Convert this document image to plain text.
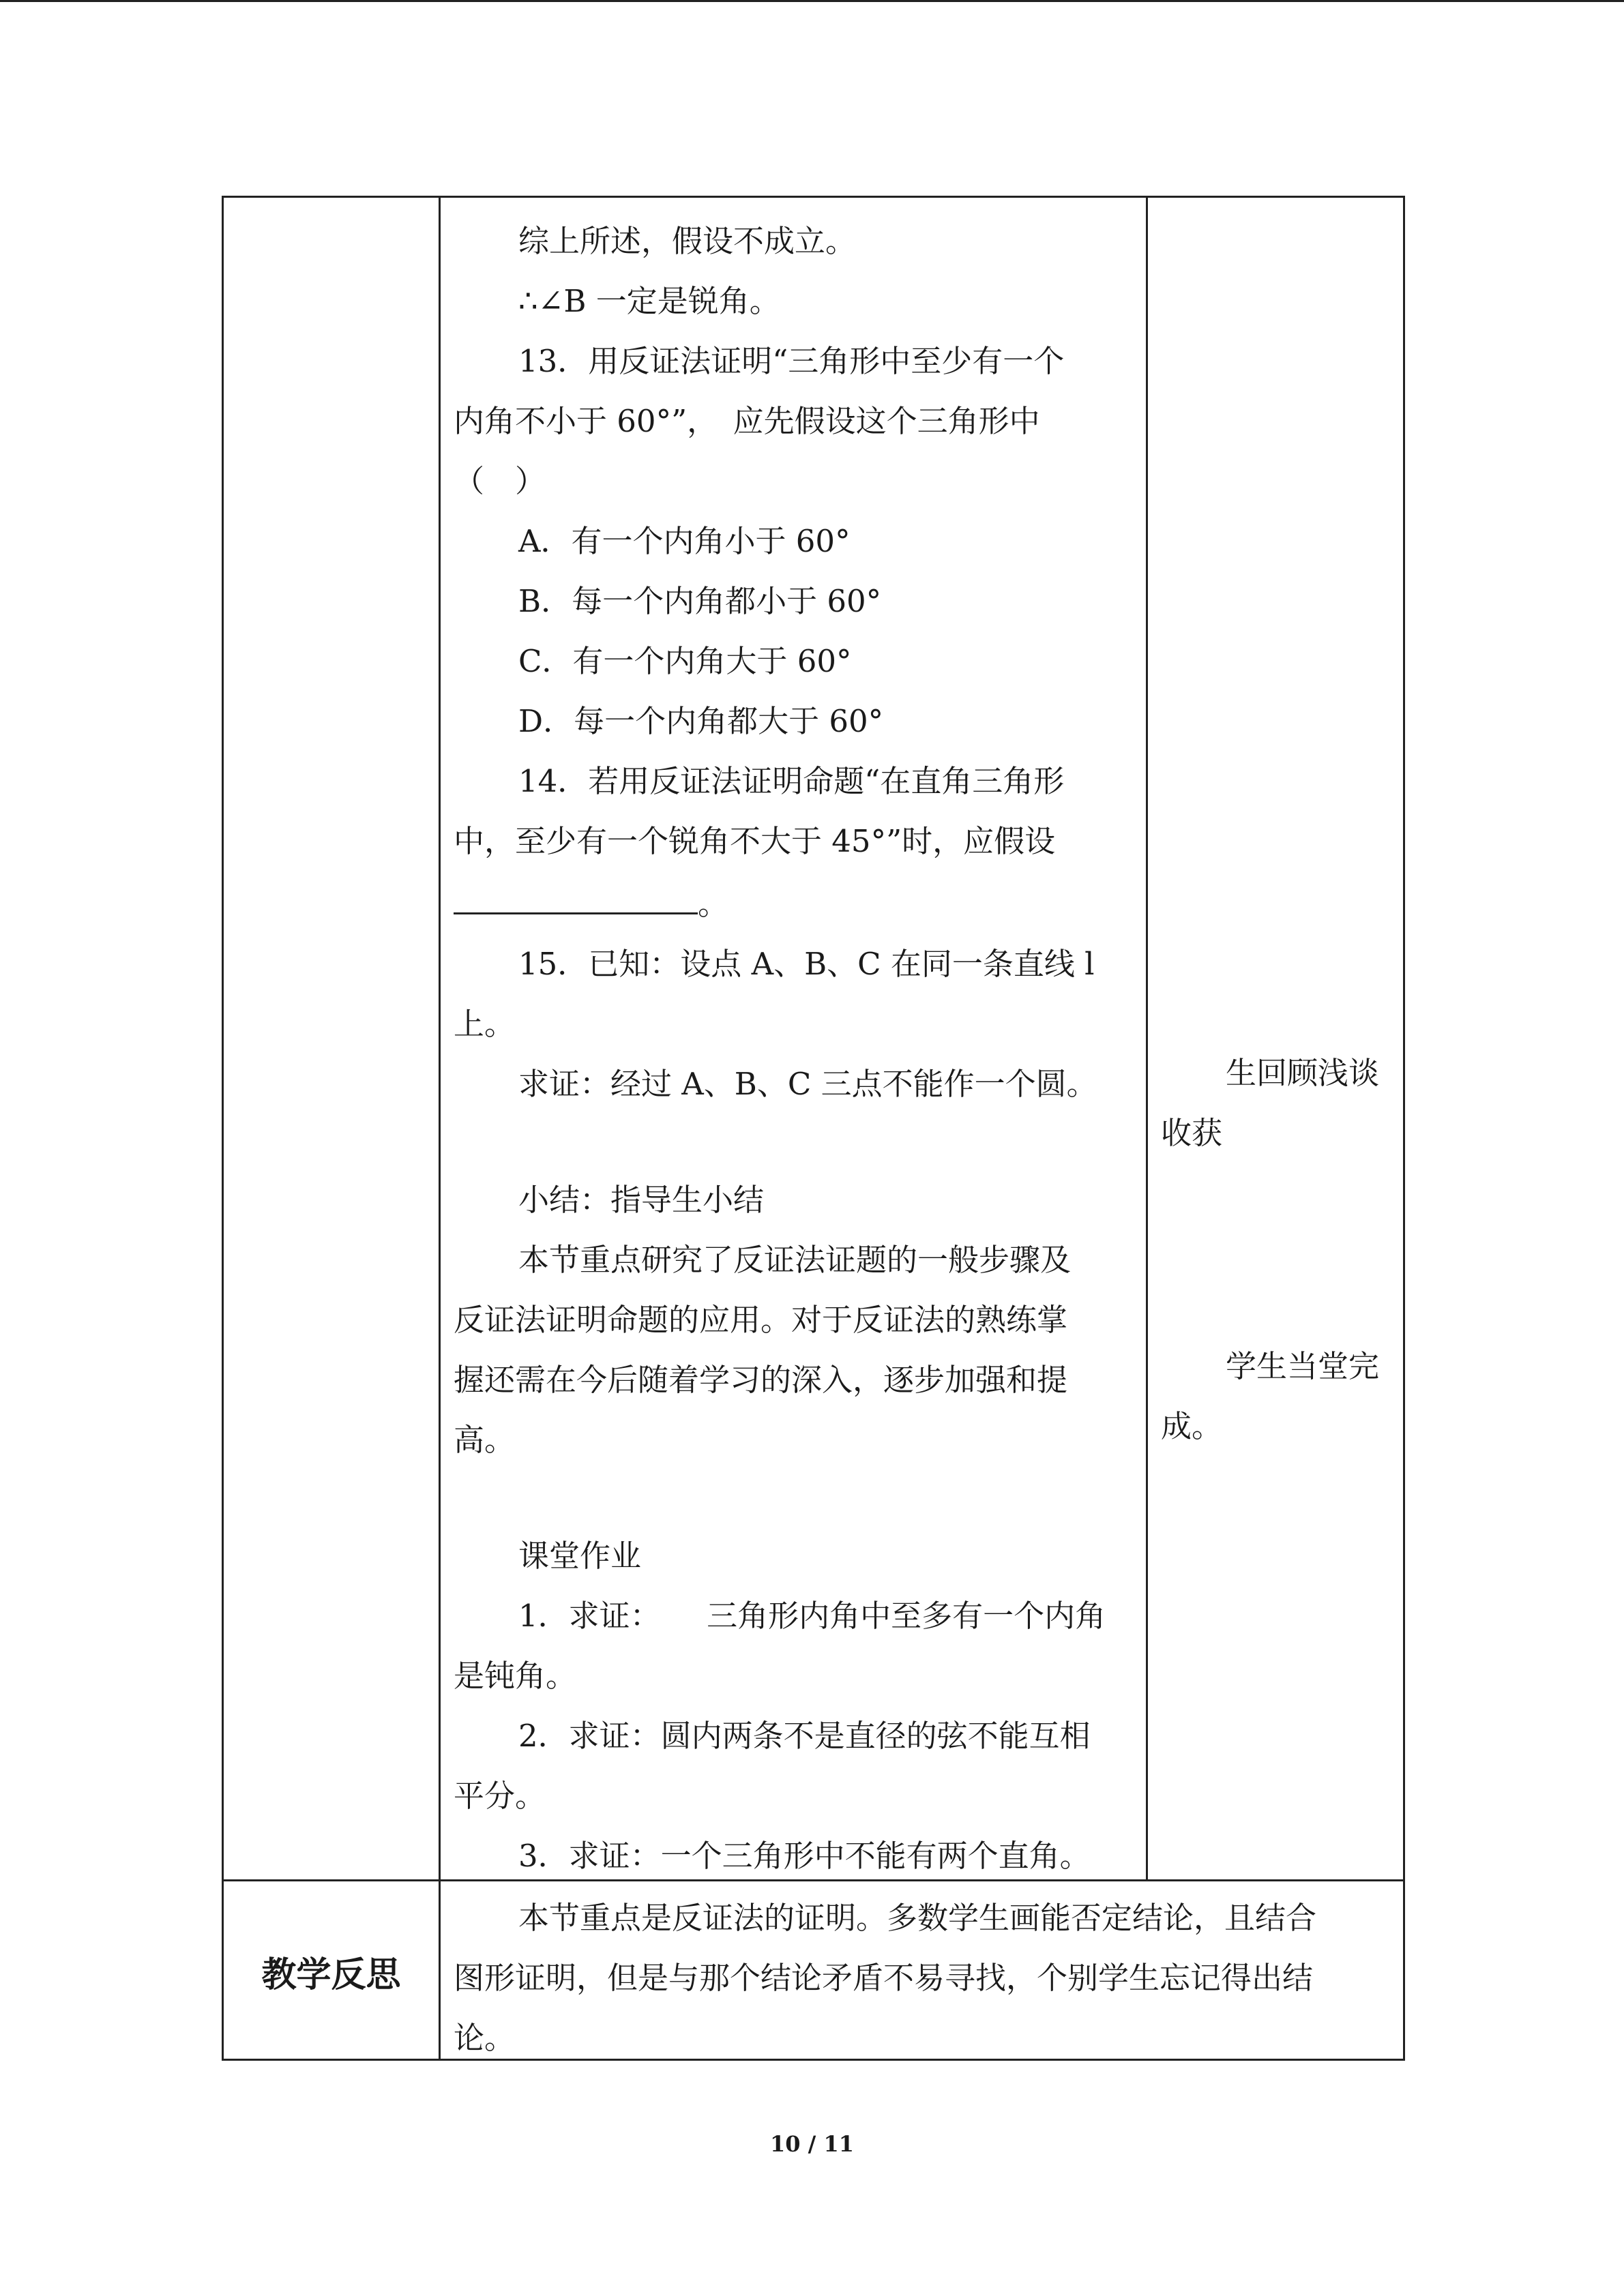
综上所述，假设不成立。

∴∠B 一定是锐角。

13．用反证法证明“三角形中至少有一个

内角不小于 60°”，　应先假设这个三角形中

（　）

A．有一个内角小于 60°

B．每一个内角都小于 60°

C．有一个内角大于 60°

D．每一个内角都大于 60°

14．若用反证法证明命题“在直角三角形

中，至少有一个锐角不大于 45°”时，应假设

。

15．已知：设点 A、B、C 在同一条直线 l

上。

求证：经过 A、B、C 三点不能作一个圆。

小结：指导生小结

本节重点研究了反证法证题的一般步骤及

反证法证明命题的应用。对于反证法的熟练掌

握还需在今后随着学习的深入，逐步加强和提

高。

课堂作业

1．求证：　　三角形内角中至多有一个内角

是钝角。

2．求证：圆内两条不是直径的弦不能互相

平分。

3．求证：一个三角形中不能有两个直角。

生回顾浅谈

收获

学生当堂完

成。

教学反思

本节重点是反证法的证明。多数学生画能否定结论，且结合

图形证明，但是与那个结论矛盾不易寻找，个别学生忘记得出结

论。

10 / 11
